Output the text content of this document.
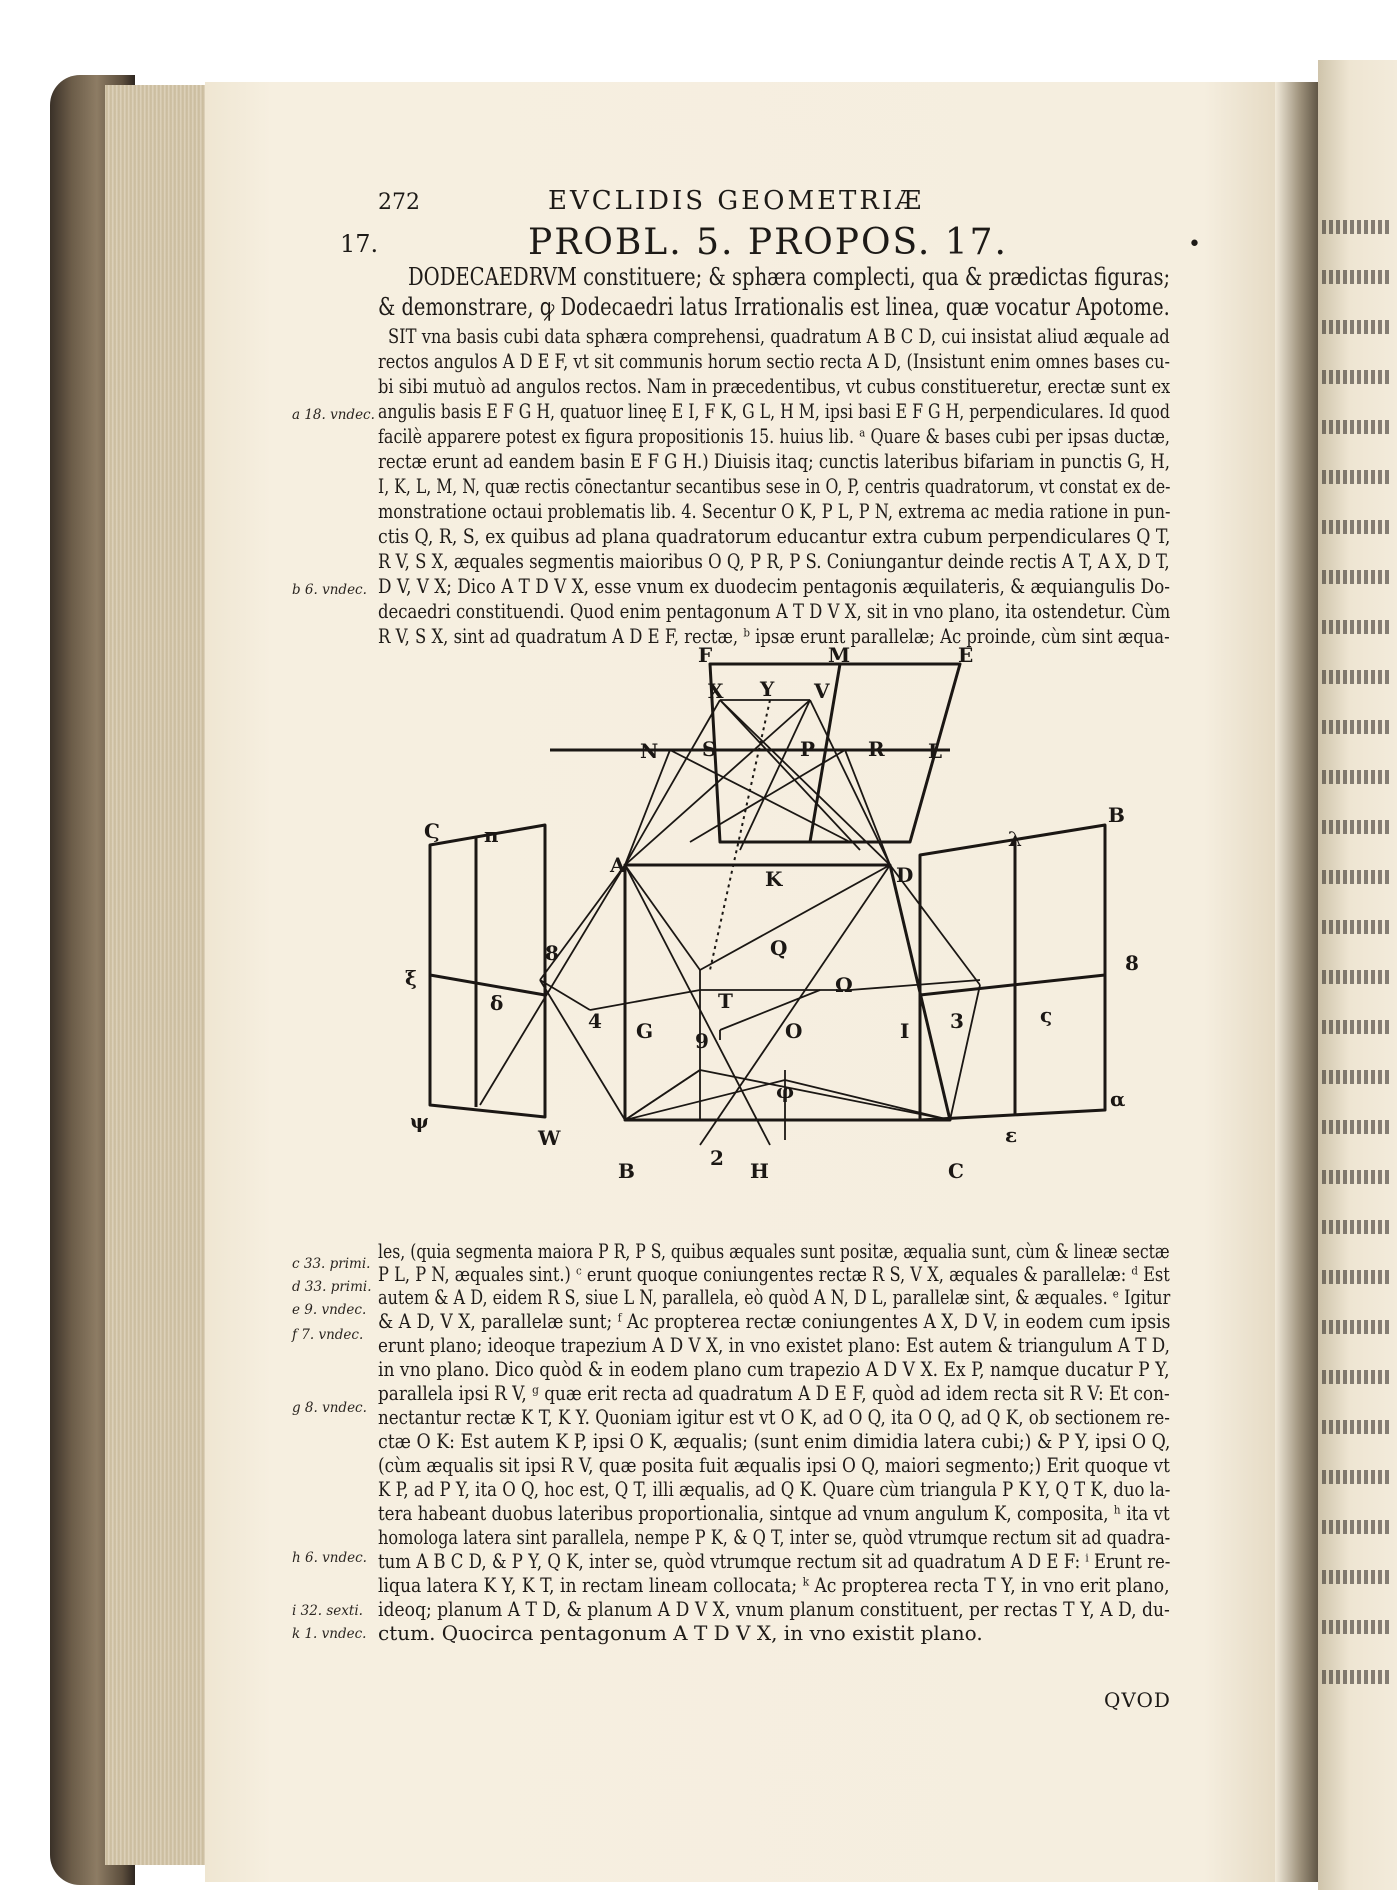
272	EVCLIDIS GEOMETRIÆ
17.	PROBL. 5. PROPOS. 17.	•
DODECAEDRVM constituere; & sphæra complecti, qua & prædictas figuras;
& demonstrare, ꝙ Dodecaedri latus Irrationalis est linea, quæ vocatur Apotome.
SIT vna basis cubi data sphæra comprehensi, quadratum A B C D, cui insistat aliud æquale ad
rectos angulos A D E F, vt sit communis horum sectio recta A D, (Insistunt enim omnes bases cu-
bi sibi mutuò ad angulos rectos. Nam in præcedentibus, vt cubus constitueretur, erectæ sunt ex
angulis basis E F G H, quatuor lineę E I, F K, G L, H M, ipsi basi E F G H, perpendiculares. Id quod
facilè apparere potest ex figura propositionis 15. huius lib. ᵃ Quare & bases cubi per ipsas ductæ,
rectæ erunt ad eandem basin E F G H.) Diuisis itaq; cunctis lateribus bifariam in punctis G, H,
I, K, L, M, N, quæ rectis cōnectantur secantibus sese in O, P, centris quadratorum, vt constat ex de-
monstratione octaui problematis lib. 4. Secentur O K, P L, P N, extrema ac media ratione in pun-
ctis Q, R, S, ex quibus ad plana quadratorum educantur extra cubum perpendiculares Q T,
R V, S X, æquales segmentis maioribus O Q, P R, P S. Coniungantur deinde rectis A T, A X, D T,
D V, V X; Dico A T D V X, esse vnum ex duodecim pentagonis æquilateris, & æquiangulis Do-
decaedri constituendi. Quod enim pentagonum A T D V X, sit in vno plano, ita ostendetur. Cùm
R V, S X, sint ad quadratum A D E F, rectæ, ᵇ ipsæ erunt parallelæ; Ac proinde, cùm sint æqua-
a 18. vndec.
b 6. vndec.
c 33. primi.
d 33. primi.
e 9. vndec.
f 7. vndec.
g 8. vndec.
h 6. vndec.
i 32. sexti.
k 1. vndec.
F	M	E
X Y V
N S	P	R L
Ϛ π
B
λ
A
K	D
ξ
δ
Q
8	8
T
Ω
4 G 9	O	I 3	ς
φ
ψ
α
W	ε
B
2
H	C
les, (quia segmenta maiora P R, P S, quibus æquales sunt positæ, æqualia sunt, cùm & lineæ sectæ
P L, P N, æquales sint.) ᶜ erunt quoque coniungentes rectæ R S, V X, æquales & parallelæ: ᵈ Est
autem & A D, eidem R S, siue L N, parallela, eò quòd A N, D L, parallelæ sint, & æquales. ᵉ Igitur
& A D, V X, parallelæ sunt; ᶠ Ac propterea rectæ coniungentes A X, D V, in eodem cum ipsis
erunt plano; ideoque trapezium A D V X, in vno existet plano: Est autem & triangulum A T D,
in vno plano. Dico quòd & in eodem plano cum trapezio A D V X. Ex P, namque ducatur P Y,
parallela ipsi R V, ᵍ quæ erit recta ad quadratum A D E F, quòd ad idem recta sit R V: Et con-
nectantur rectæ K T, K Y. Quoniam igitur est vt O K, ad O Q, ita O Q, ad Q K, ob sectionem re-
ctæ O K: Est autem K P, ipsi O K, æqualis; (sunt enim dimidia latera cubi;) & P Y, ipsi O Q,
(cùm æqualis sit ipsi R V, quæ posita fuit æqualis ipsi O Q, maiori segmento;) Erit quoque vt
K P, ad P Y, ita O Q, hoc est, Q T, illi æqualis, ad Q K. Quare cùm triangula P K Y, Q T K, duo la-
tera habeant duobus lateribus proportionalia, sintque ad vnum angulum K, composita, ʰ ita vt
homologa latera sint parallela, nempe P K, & Q T, inter se, quòd vtrumque rectum sit ad quadra-
tum A B C D, & P Y, Q K, inter se, quòd vtrumque rectum sit ad quadratum A D E F: ⁱ Erunt re-
liqua latera K Y, K T, in rectam lineam collocata; ᵏ Ac propterea recta T Y, in vno erit plano,
ideoq; planum A T D, & planum A D V X, vnum planum constituent, per rectas T Y, A D, du-
ctum. Quocirca pentagonum A T D V X, in vno existit plano.
QVOD
